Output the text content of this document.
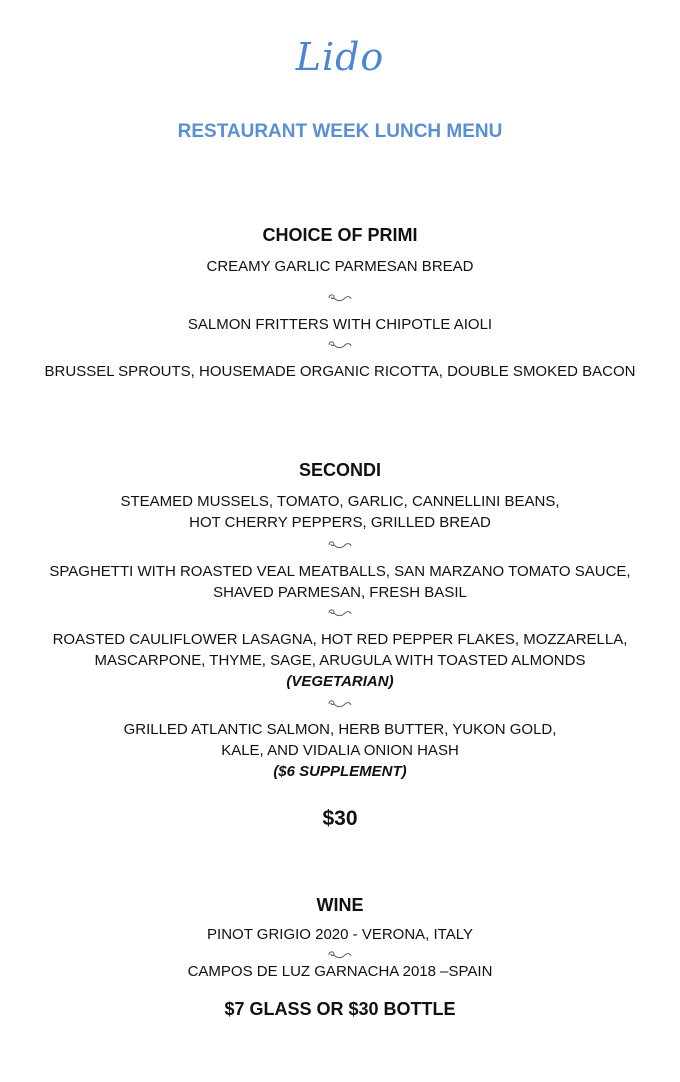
Lido
RESTAURANT WEEK LUNCH MENU
CHOICE OF PRIMI
CREAMY GARLIC PARMESAN BREAD
SALMON FRITTERS WITH CHIPOTLE AIOLI
BRUSSEL SPROUTS, HOUSEMADE ORGANIC RICOTTA, DOUBLE SMOKED BACON
SECONDI
STEAMED MUSSELS, TOMATO, GARLIC, CANNELLINI BEANS,
HOT CHERRY PEPPERS, GRILLED BREAD
SPAGHETTI WITH ROASTED VEAL MEATBALLS, SAN MARZANO TOMATO SAUCE,
SHAVED PARMESAN, FRESH BASIL
ROASTED CAULIFLOWER LASAGNA, HOT RED PEPPER FLAKES, MOZZARELLA,
MASCARPONE, THYME, SAGE, ARUGULA WITH TOASTED ALMONDS
(VEGETARIAN)
GRILLED ATLANTIC SALMON, HERB BUTTER, YUKON GOLD,
KALE, AND VIDALIA ONION HASH
($6 SUPPLEMENT)
$30
WINE
PINOT GRIGIO 2020 - VERONA, ITALY
CAMPOS DE LUZ GARNACHA 2018 –SPAIN
$7 GLASS OR $30 BOTTLE
